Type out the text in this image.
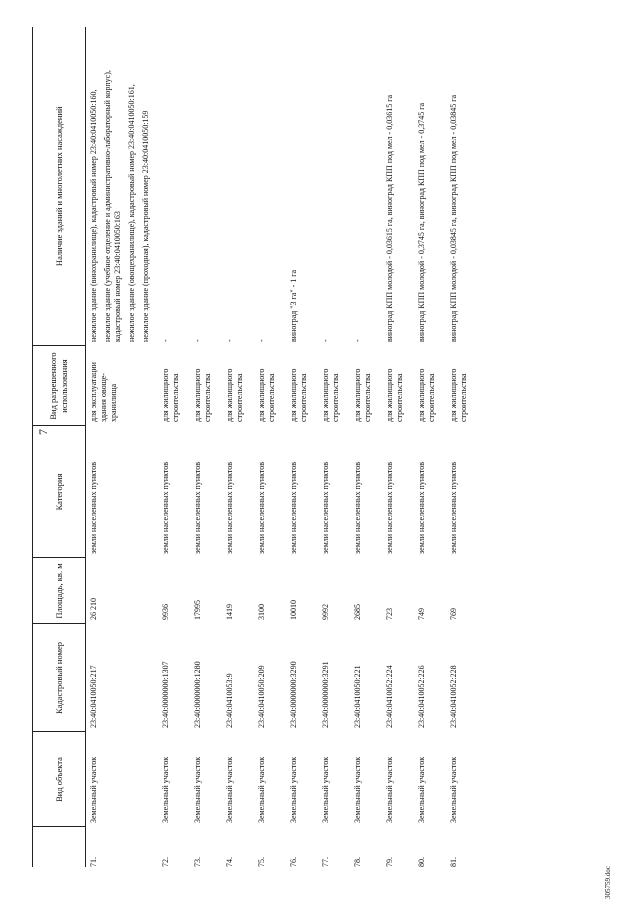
7
	Вид объекта	Кадастровый номер	Площадь, кв. м	Категория	Вид разрешенного использования	Наличие зданий и многолетних насаждений
71.	Земельный участок	23:40:0410050:217	26 210	земли населенных пунктов	для эксплуатации здания овоще-хранилища	нежилое здание (винохранилище), кадастровый номер 23:40:0410050:160, нежилое здание (учебное отделение и административно-лабораторный корпус), кадастровый номер 23:40:0410050:163 нежилое здание (овощехранилище), кадастровый номер 23:40:0410050:161, нежилое здание (проходная), кадастровый номер 23:40:0410050:159

72.	Земельный участок	23:40:0000000:1307	9936	земли населенных пунктов	для жилищного строительства	-

73.	Земельный участок	23:40:0000000:1280	17995	земли населенных пунктов	для жилищного строительства	-

74.	Земельный участок	23:40:0410053:9	1419	земли населенных пунктов	для жилищного строительства	-

75.	Земельный участок	23:40:0410050:209	3100	земли населенных пунктов	для жилищного строительства	-

76.	Земельный участок	23:40:0000000:3290	10010	земли населенных пунктов	для жилищного строительства	виноград "3 га" - 1 га

77.	Земельный участок	23:40:0000000:3291	9992	земли населенных пунктов	для жилищного строительства	-

78.	Земельный участок	23:40:0410050:221	2685	земли населенных пунктов	для жилищного строительства	-

79.	Земельный участок	23:40:0410052:224	723	земли населенных пунктов	для жилищного строительства	виноград КПП молодой - 0,03615 га, виноград КПП под мел - 0,03615 га

80.	Земельный участок	23:40:0410052:226	749	земли населенных пунктов	для жилищного строительства	виноград КПП молодой - 0,3745 га, виноград КПП под мел - 0,3745 га

81.	Земельный участок	23:40:0410052:228	769	земли населенных пунктов	для жилищного строительства	виноград КПП молодой - 0,03845 га, виноград КПП под мел - 0,03845 га
305759.doc
